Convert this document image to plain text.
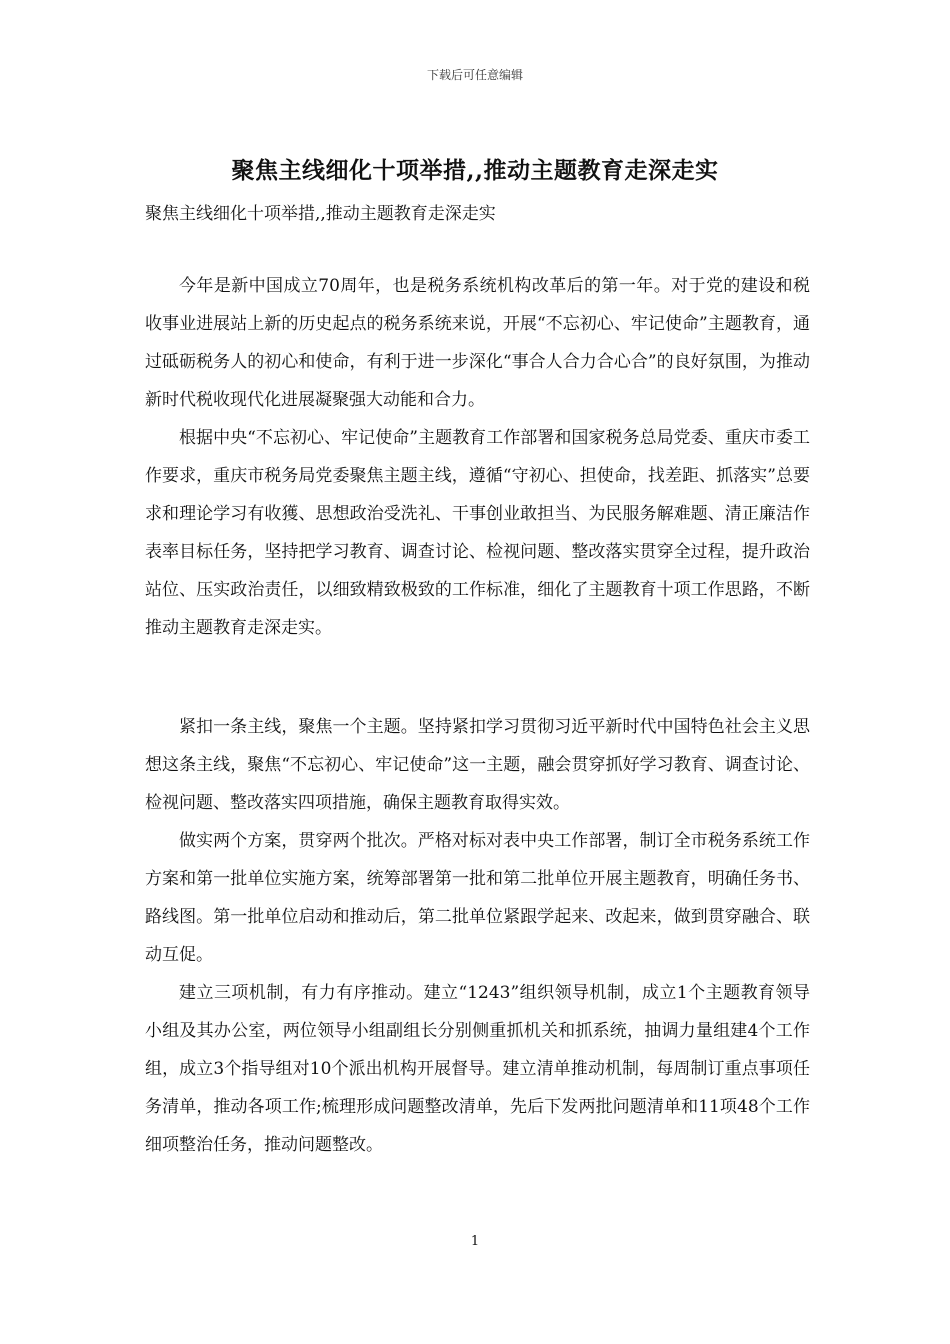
下载后可任意编辑
聚焦主线细化十项举措,,推动主题教育走深走实

聚焦主线细化十项举措,,推动主题教育走深走实

今年是新中国成立70周年，也是税务系统机构改革后的第一年。对于党的建设和税收事业进展站上新的历史起点的税务系统来说，开展“不忘初心、牢记使命”主题教育，通过砥砺税务人的初心和使命，有利于进一步深化“事合人合力合心合”的良好氛围，为推动新时代税收现代化进展凝聚强大动能和合力。

根据中央“不忘初心、牢记使命”主题教育工作部署和国家税务总局党委、重庆市委工作要求，重庆市税务局党委聚焦主题主线，遵循“守初心、担使命，找差距、抓落实”总要求和理论学习有收獲、思想政治受洗礼、干事创业敢担当、为民服务解难题、清正廉洁作表率目标任务，坚持把学习教育、调查讨论、检视问题、整改落实贯穿全过程，提升政治站位、压实政治责任，以细致精致极致的工作标准，细化了主题教育十项工作思路，不断推动主题教育走深走实。

紧扣一条主线，聚焦一个主题。坚持紧扣学习贯彻习近平新时代中国特色社会主义思想这条主线，聚焦“不忘初心、牢记使命”这一主题，融会贯穿抓好学习教育、调查讨论、检视问题、整改落实四项措施，确保主题教育取得实效。

做实两个方案，贯穿两个批次。严格对标对表中央工作部署，制订全市税务系统工作方案和第一批单位实施方案，统筹部署第一批和第二批单位开展主题教育，明确任务书、路线图。第一批单位启动和推动后，第二批单位紧跟学起来、改起来，做到贯穿融合、联动互促。

建立三项机制，有力有序推动。建立“1243”组织领导机制，成立1个主题教育领导小组及其办公室，两位领导小组副组长分别侧重抓机关和抓系统，抽调力量组建4个工作组，成立3个指导组对10个派出机构开展督导。建立清单推动机制，每周制订重点事项任务清单，推动各项工作;梳理形成问题整改清单，先后下发两批问题清单和11项48个工作细项整治任务，推动问题整改。

1
